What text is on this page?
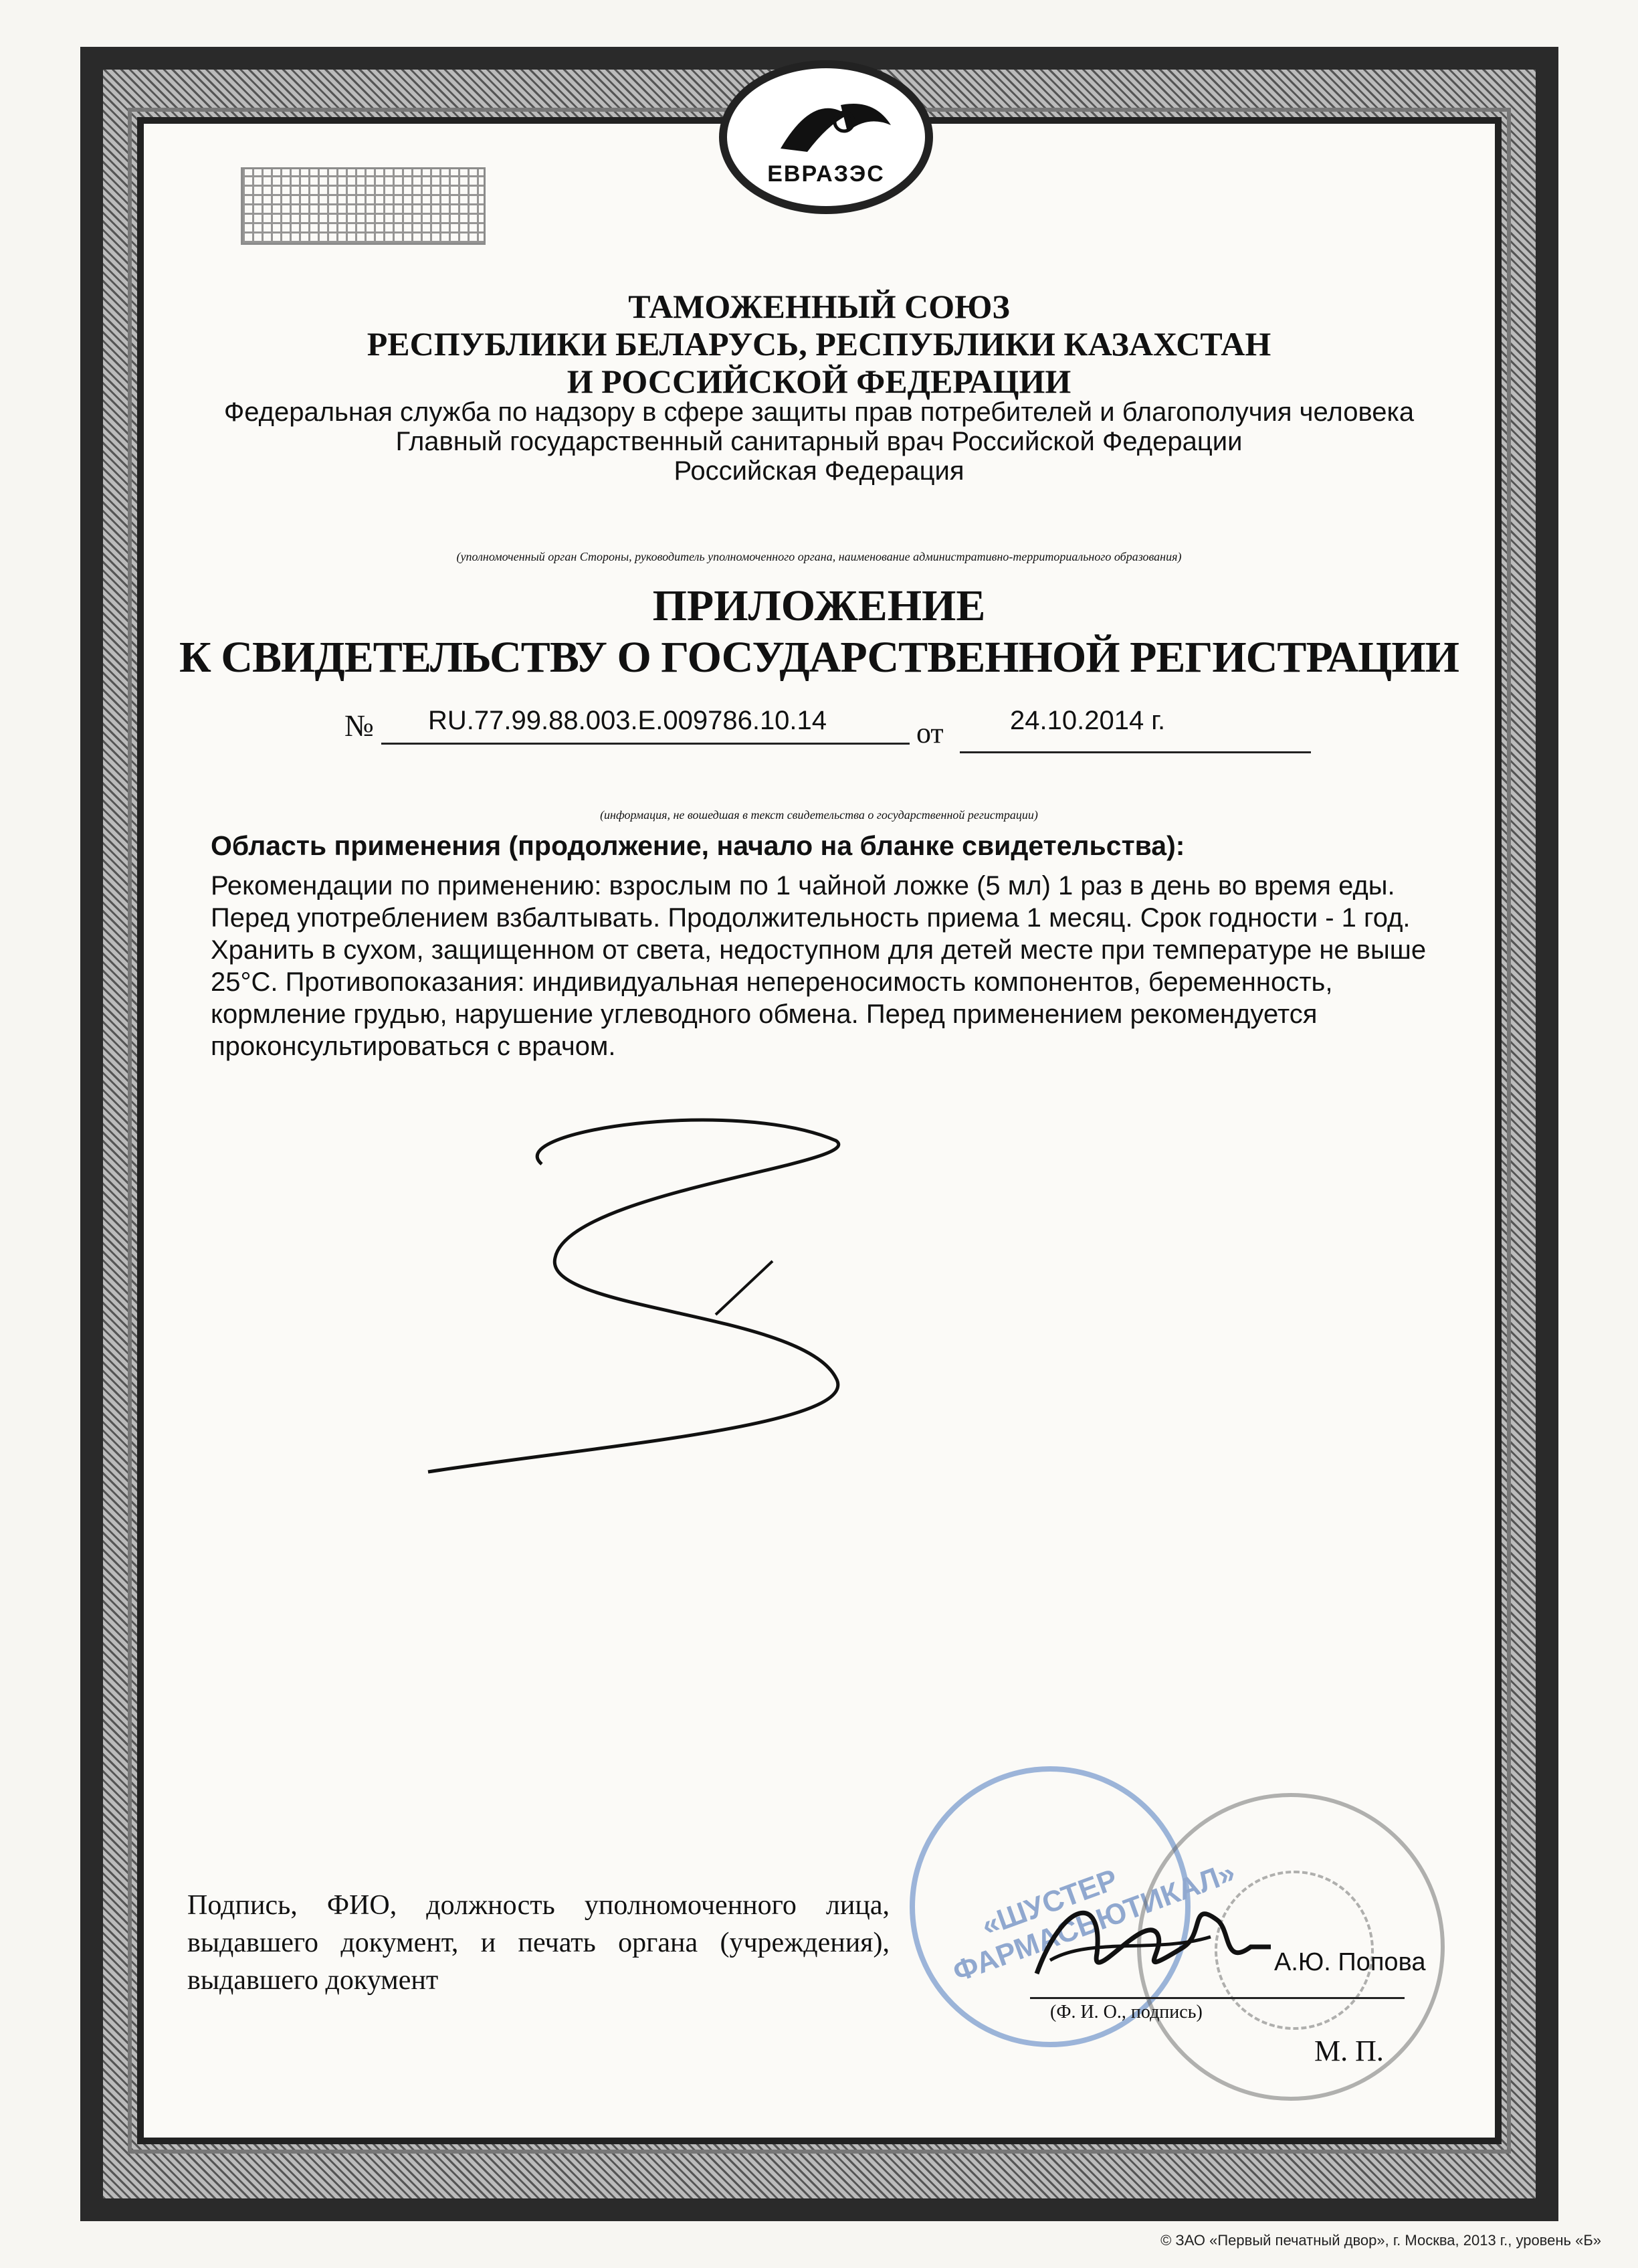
ЕВРАЗЭС
ТАМОЖЕННЫЙ СОЮЗ
РЕСПУБЛИКИ БЕЛАРУСЬ, РЕСПУБЛИКИ КАЗАХСТАН
И РОССИЙСКОЙ ФЕДЕРАЦИИ
Федеральная служба по надзору в сфере защиты прав потребителей и благополучия человека
Главный государственный санитарный врач Российской Федерации
Российская Федерация
(уполномоченный орган Стороны, руководитель уполномоченного органа, наименование административно-территориального образования)
ПРИЛОЖЕНИЕ
К СВИДЕТЕЛЬСТВУ О ГОСУДАРСТВЕННОЙ РЕГИСТРАЦИИ
№ RU.77.99.88.003.E.009786.10.14	от 24.10.2014 г.
(информация, не вошедшая в текст свидетельства о государственной регистрации)
Область применения (продолжение, начало на бланке свидетельства):
Рекомендации по применению: взрослым по 1 чайной ложке (5 мл) 1 раз в день во время еды. Перед употреблением взбалтывать. Продолжительность приема 1 месяц. Срок годности - 1 год. Хранить в сухом, защищенном от света, недоступном для детей месте при температуре не выше 25°С. Противопоказания: индивидуальная непереносимость компонентов, беременность, кормление грудью, нарушение углеводного обмена. Перед применением рекомендуется проконсультироваться с врачом.
Подпись, ФИО, должность уполномоченного лица, выдавшего документ, и печать органа (учреждения), выдавшего документ
«ШУСТЕР ФАРМАСЬЮТИКАЛ» А.Ю. Попова
(Ф. И. О., подпись)
М. П.
© ЗАО «Первый печатный двор», г. Москва, 2013 г., уровень «Б»
